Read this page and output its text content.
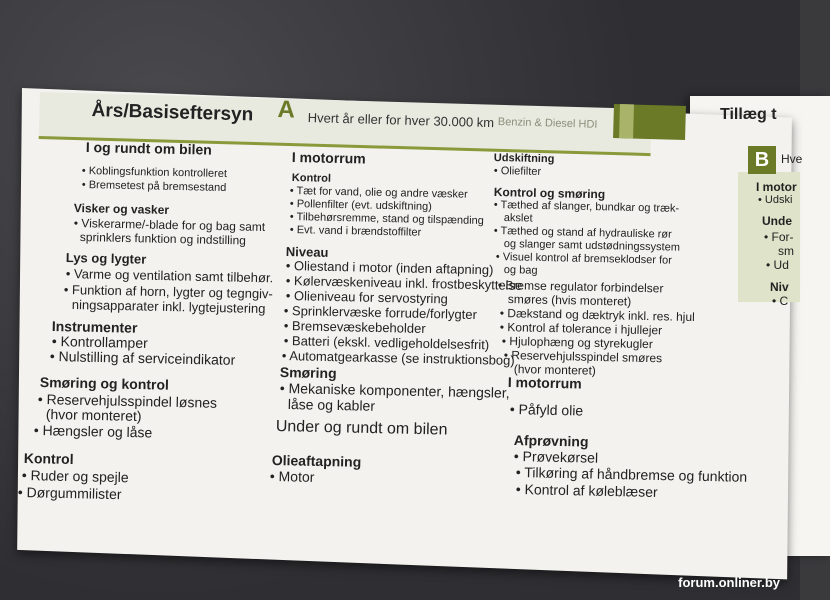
Års/Basiseftersyn A Hvert år eller for hver 30.000 km Benzin & Diesel HDI
I og rundt om bilen
• Koblingsfunktion kontrolleret
• Bremsetest på bremsestand
Visker og vasker
• Viskerarme/-blade for og bag samt
sprinklers funktion og indstilling
Lys og lygter
• Varme og ventilation samt tilbehør.
• Funktion af horn, lygter og tegngiv-
ningsapparater inkl. lygtejustering
Instrumenter
• Kontrollamper
• Nulstilling af serviceindikator
Smøring og kontrol
• Reservehjulsspindel løsnes
(hvor monteret)
• Hængsler og låse
Kontrol
• Ruder og spejle
• Dørgummilister
I motorrum
Kontrol
• Tæt for vand, olie og andre væsker
• Pollenfilter (evt. udskiftning)
• Tilbehørsremme, stand og tilspænding
• Evt. vand i brændstoffilter
Niveau
• Oliestand i motor (inden aftapning)
• Kølervæskeniveau inkl. frostbeskyttelse
• Olieniveau for servostyring
• Sprinklervæske forrude/forlygter
• Bremsevæskebeholder
• Batteri (ekskl. vedligeholdelsesfrit)
• Automatgearkasse (se instruktionsbog)
Smøring
• Mekaniske komponenter, hængsler,
låse og kabler
Under og rundt om bilen
Olieaftapning
• Motor
Udskiftning
• Oliefilter
Kontrol og smøring
• Tæthed af slanger, bundkar og træk-
akslet
• Tæthed og stand af hydrauliske rør
og slanger samt udstødningssystem
• Visuel kontrol af bremseklodser for
og bag
• Bremse regulator forbindelser
smøres (hvis monteret)
• Dækstand og dæktryk inkl. res. hjul
• Kontrol af tolerance i hjullejer
• Hjulophæng og styrekugler
• Reservehjulsspindel smøres
(hvor monteret)
I motorrum
• Påfyld olie
Afprøvning
• Prøvekørsel
• Tilkøring af håndbremse og funktion
• Kontrol af køleblæser
Tillæg t
B Hve
I motor
• Udski
Unde
• For-
sm
• Ud
Niv
• C
forum.onliner.by
